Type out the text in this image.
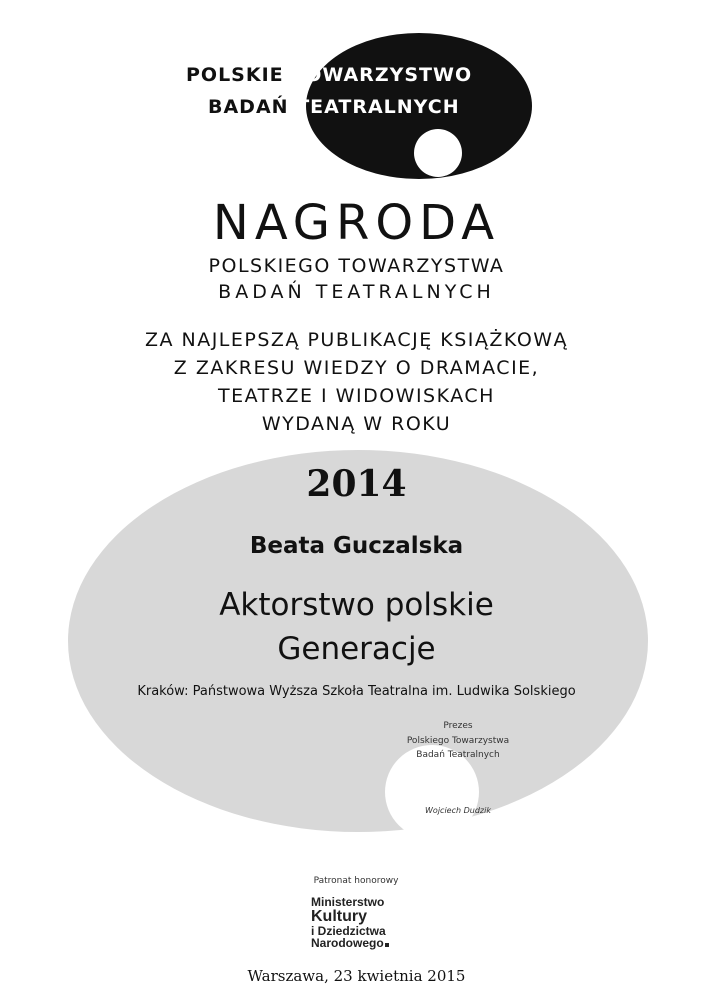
POLSKIE TOWARZYSTWO
BADAŃ TEATRALNYCH
NAGRODA
POLSKIEGO TOWARZYSTWA
BADAŃ TEATRALNYCH
ZA NAJLEPSZĄ PUBLIKACJĘ KSIĄŻKOWĄ
Z ZAKRESU WIEDZY O DRAMACIE,
TEATRZE I WIDOWISKACH
WYDANĄ W ROKU
2014
Beata Guczalska
Aktorstwo polskie
Generacje
Kraków: Państwowa Wyższa Szkoła Teatralna im. Ludwika Solskiego
Prezes
Polskiego Towarzystwa
Badań Teatralnych
Wojciech Dudzik
Patronat honorowy
Ministerstwo
Kultury
i Dziedzictwa
Narodowego
Warszawa, 23 kwietnia 2015
